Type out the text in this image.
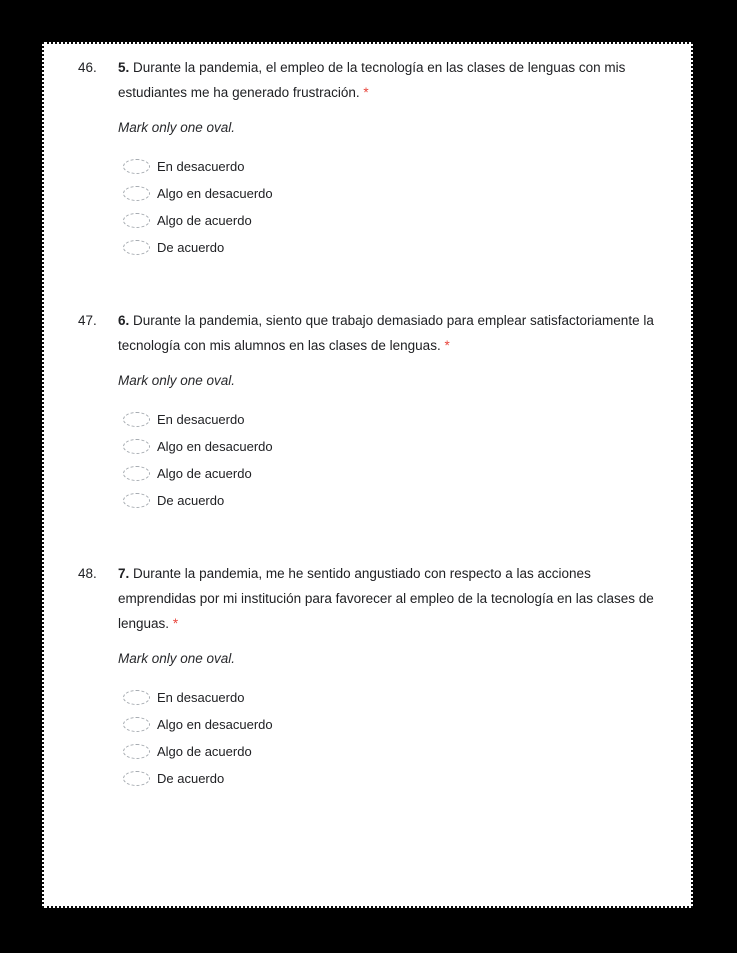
46.	5. Durante la pandemia, el empleo de la tecnología en las clases de lenguas con mis estudiantes me ha generado frustración. *

Mark only one oval.

En desacuerdo
Algo en desacuerdo
Algo de acuerdo
De acuerdo
47.	6. Durante la pandemia, siento que trabajo demasiado para emplear satisfactoriamente la tecnología con mis alumnos en las clases de lenguas. *

Mark only one oval.

En desacuerdo
Algo en desacuerdo
Algo de acuerdo
De acuerdo
48.	7. Durante la pandemia, me he sentido angustiado con respecto a las acciones emprendidas por mi institución para favorecer al empleo de la tecnología en las clases de lenguas. *

Mark only one oval.

En desacuerdo
Algo en desacuerdo
Algo de acuerdo
De acuerdo
